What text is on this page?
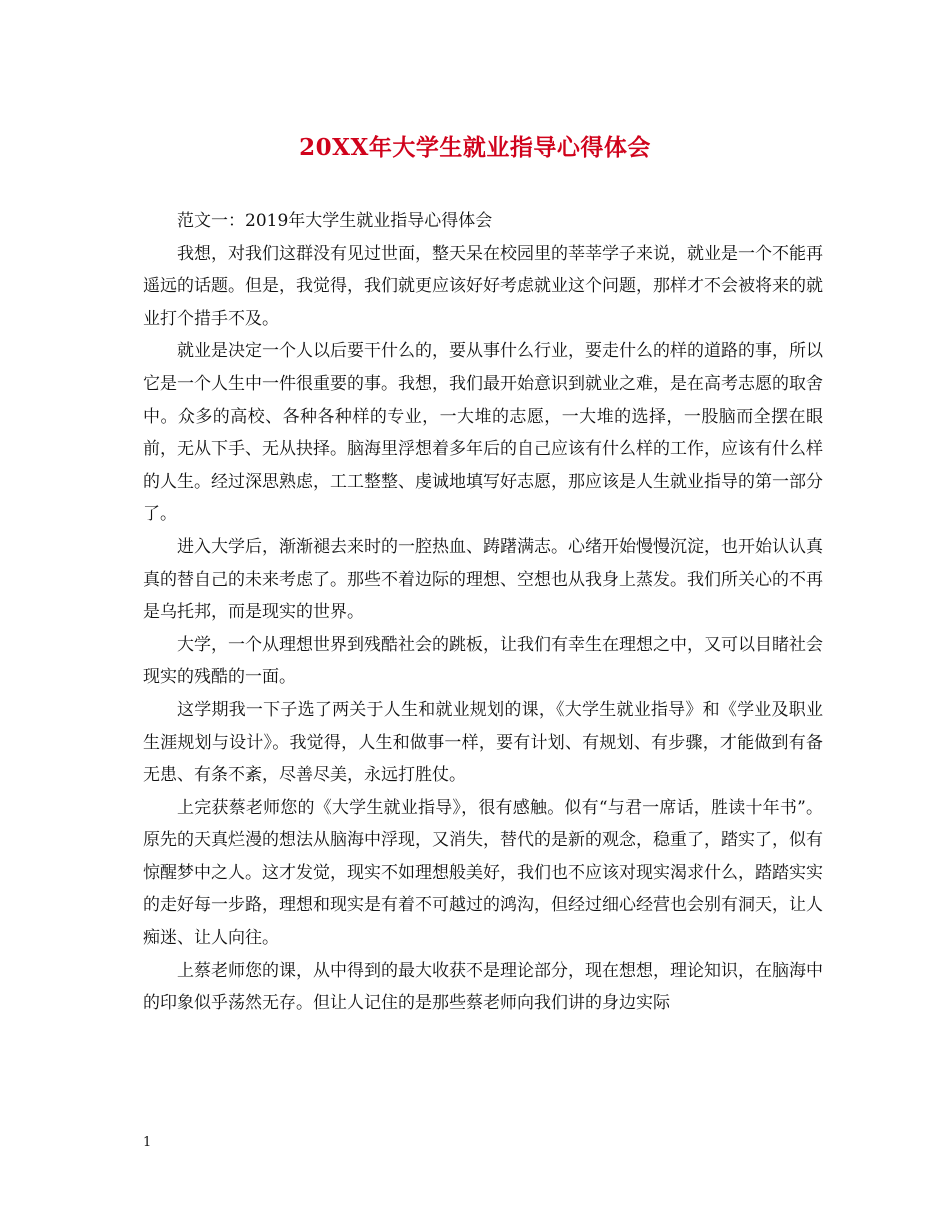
20XX年大学生就业指导心得体会

范文一：2019年大学生就业指导心得体会

我想，对我们这群没有见过世面，整天呆在校园里的莘莘学子来说，就业是一个不能再遥远的话题。但是，我觉得，我们就更应该好好考虑就业这个问题，那样才不会被将来的就业打个措手不及。

就业是决定一个人以后要干什么的，要从事什么行业，要走什么的样的道路的事，所以它是一个人生中一件很重要的事。我想，我们最开始意识到就业之难，是在高考志愿的取舍中。众多的高校、各种各种样的专业，一大堆的志愿，一大堆的选择，一股脑而全摆在眼前，无从下手、无从抉择。脑海里浮想着多年后的自己应该有什么样的工作，应该有什么样的人生。经过深思熟虑，工工整整、虔诚地填写好志愿，那应该是人生就业指导的第一部分了。

进入大学后，渐渐褪去来时的一腔热血、踌躇满志。心绪开始慢慢沉淀，也开始认认真真的替自己的未来考虑了。那些不着边际的理想、空想也从我身上蒸发。我们所关心的不再是乌托邦，而是现实的世界。

大学，一个从理想世界到残酷社会的跳板，让我们有幸生在理想之中，又可以目睹社会现实的残酷的一面。

这学期我一下子选了两关于人生和就业规划的课，《大学生就业指导》和《学业及职业生涯规划与设计》。我觉得，人生和做事一样，要有计划、有规划、有步骤，才能做到有备无患、有条不紊，尽善尽美，永远打胜仗。

上完获蔡老师您的《大学生就业指导》，很有感触。似有“与君一席话，胜读十年书”。原先的天真烂漫的想法从脑海中浮现，又消失，替代的是新的观念，稳重了，踏实了，似有惊醒梦中之人。这才发觉，现实不如理想般美好，我们也不应该对现实渴求什么，踏踏实实的走好每一步路，理想和现实是有着不可越过的鸿沟，但经过细心经营也会别有洞天，让人痴迷、让人向往。

上蔡老师您的课，从中得到的最大收获不是理论部分，现在想想，理论知识，在脑海中的印象似乎荡然无存。但让人记住的是那些蔡老师向我们讲的身边实际

1
